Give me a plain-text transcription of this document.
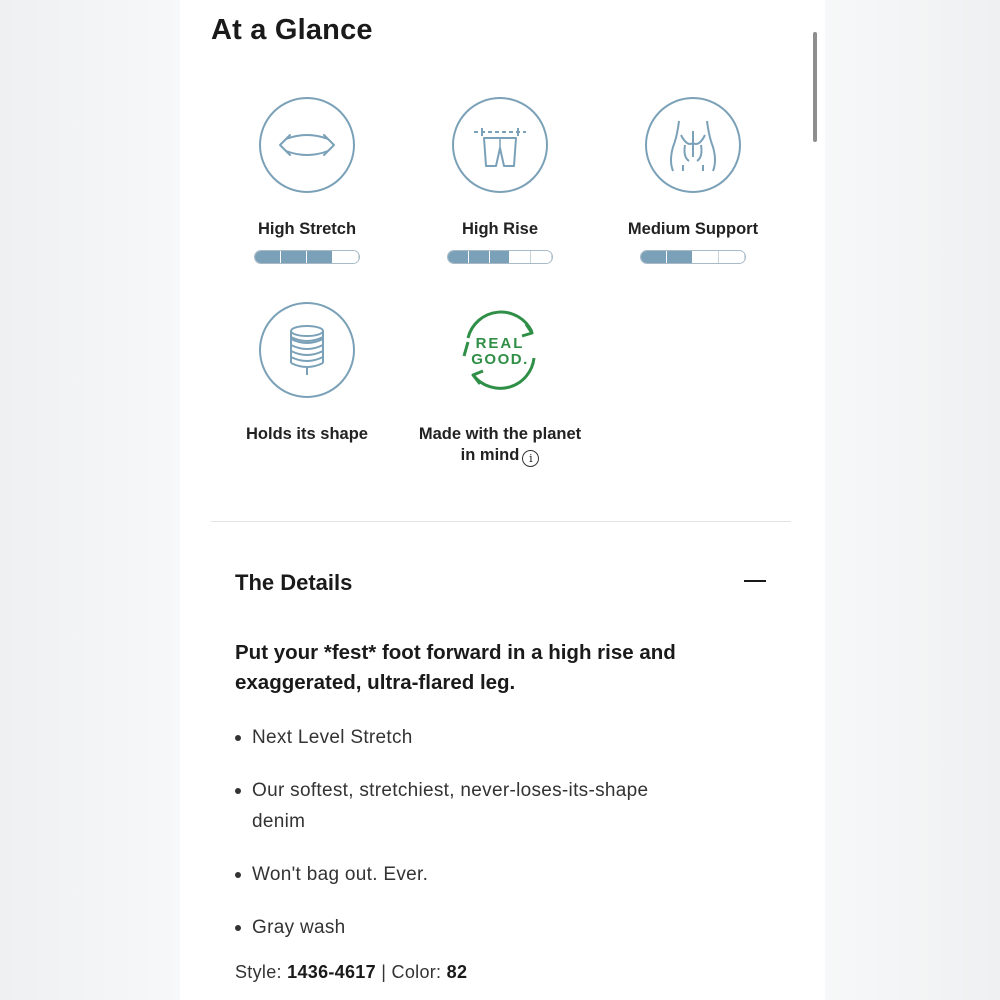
At a Glance
High Stretch	High Rise	Medium Support
Holds its shape
REAL
GOOD.
Made with the planet
in mind i
The Details
Put your *fest* foot forward in a high rise and exaggerated, ultra-flared leg.
Next Level Stretch
Our softest, stretchiest, never-loses-its-shape denim
Won't bag out. Ever.
Gray wash
Style: 1436-4617 | Color: 82
